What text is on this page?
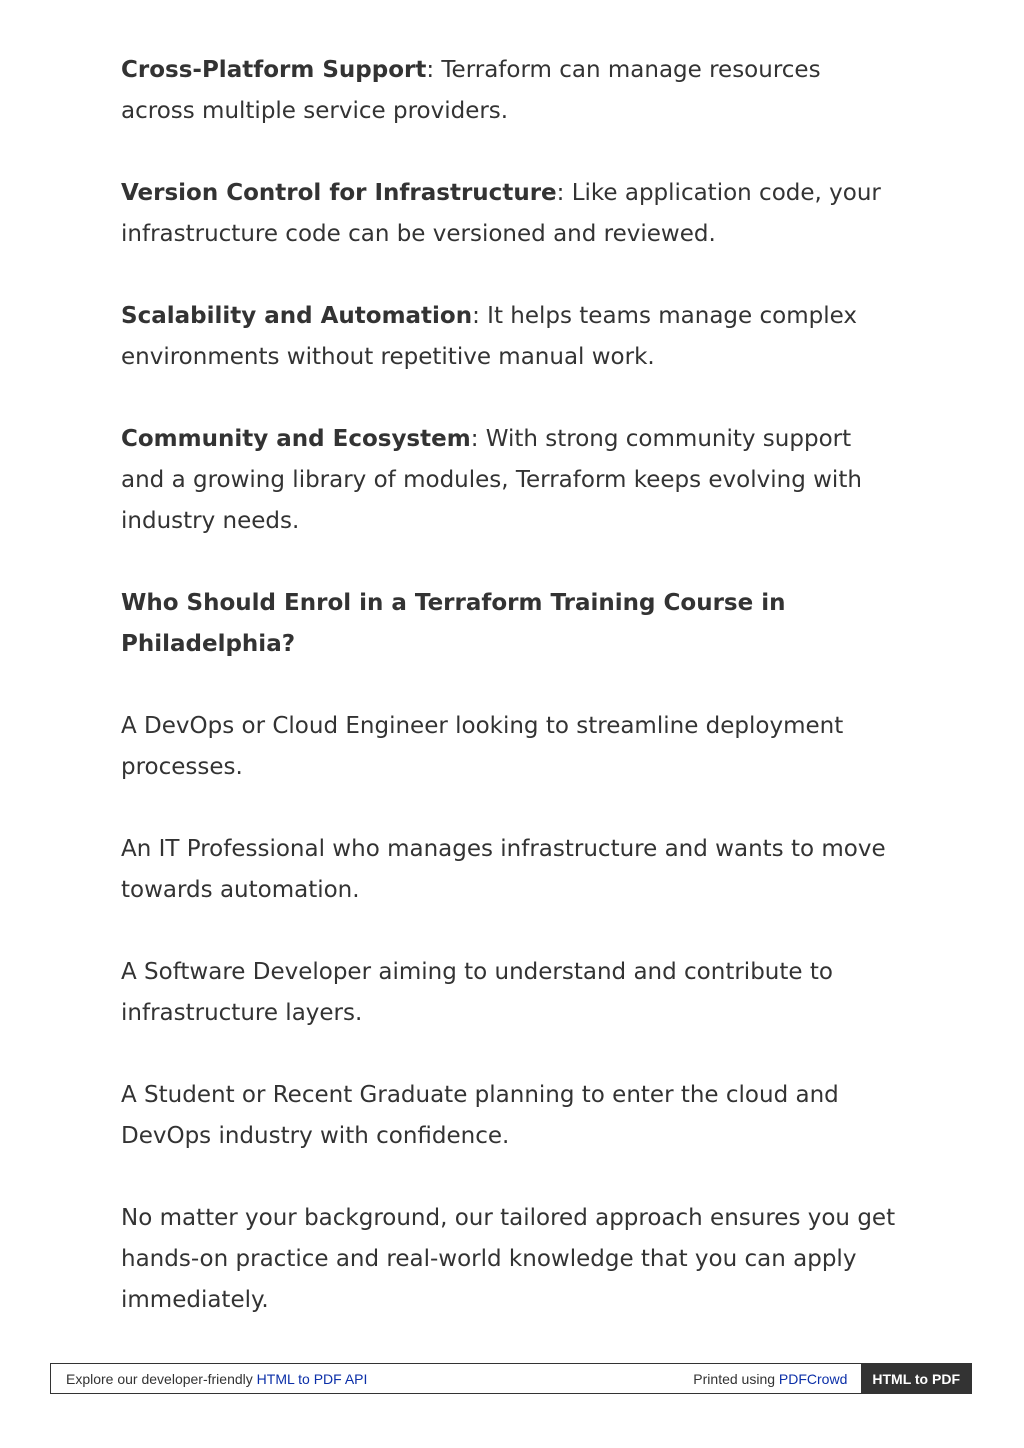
Cross-Platform Support: Terraform can manage resources across multiple service providers.

Version Control for Infrastructure: Like application code, your infrastructure code can be versioned and reviewed.

Scalability and Automation: It helps teams manage complex environments without repetitive manual work.

Community and Ecosystem: With strong community support and a growing library of modules, Terraform keeps evolving with industry needs.

Who Should Enrol in a Terraform Training Course in Philadelphia?

A DevOps or Cloud Engineer looking to streamline deployment processes.

An IT Professional who manages infrastructure and wants to move towards automation.

A Software Developer aiming to understand and contribute to infrastructure layers.

A Student or Recent Graduate planning to enter the cloud and DevOps industry with confidence.

No matter your background, our tailored approach ensures you get hands-on practice and real-world knowledge that you can apply immediately.

Explore our developer-friendly HTML to PDF API	Printed using PDFCrowd	HTML to PDF
